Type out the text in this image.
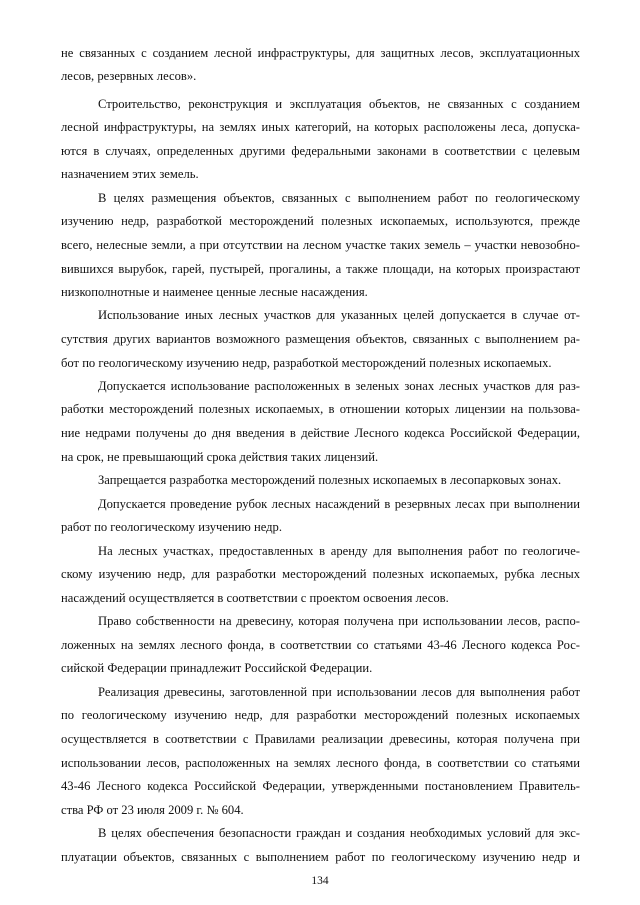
не связанных с созданием лесной инфраструктуры, для защитных лесов, эксплуатационных
лесов, резервных лесов».
Строительство, реконструкция и эксплуатация объектов, не связанных с созданием
лесной инфраструктуры, на землях иных категорий, на которых расположены леса, допуска-
ются в случаях, определенных другими федеральными законами в соответствии с целевым
назначением этих земель.
В целях размещения объектов, связанных с выполнением работ по геологическому
изучению недр, разработкой месторождений полезных ископаемых, используются, прежде
всего, нелесные земли, а при отсутствии на лесном участке таких земель – участки невозобно-
вившихся вырубок, гарей, пустырей, прогалины, а также площади, на которых произрастают
низкополнотные и наименее ценные лесные насаждения.
Использование иных лесных участков для указанных целей допускается в случае от-
сутствия других вариантов возможного размещения объектов, связанных с выполнением ра-
бот по геологическому изучению недр, разработкой месторождений полезных ископаемых.
Допускается использование расположенных в зеленых зонах лесных участков для раз-
работки месторождений полезных ископаемых, в отношении которых лицензии на пользова-
ние недрами получены до дня введения в действие Лесного кодекса Российской Федерации,
на срок, не превышающий срока действия таких лицензий.
Запрещается разработка месторождений полезных ископаемых в лесопарковых зонах.
Допускается проведение рубок лесных насаждений в резервных лесах при выполнении
работ по геологическому изучению недр.
На лесных участках, предоставленных в аренду для выполнения работ по геологиче-
скому изучению недр, для разработки месторождений полезных ископаемых, рубка лесных
насаждений осуществляется в соответствии с проектом освоения лесов.
Право собственности на древесину, которая получена при использовании лесов, распо-
ложенных на землях лесного фонда, в соответствии со статьями 43-46 Лесного кодекса Рос-
сийской Федерации принадлежит Российской Федерации.
Реализация древесины, заготовленной при использовании лесов для выполнения работ
по геологическому изучению недр, для разработки месторождений полезных ископаемых
осуществляется в соответствии с Правилами реализации древесины, которая получена при
использовании лесов, расположенных на землях лесного фонда, в соответствии со статьями
43-46 Лесного кодекса Российской Федерации, утвержденными постановлением Правитель-
ства РФ от 23 июля 2009 г. № 604.
В целях обеспечения безопасности граждан и создания необходимых условий для экс-
плуатации объектов, связанных с выполнением работ по геологическому изучению недр и
134
